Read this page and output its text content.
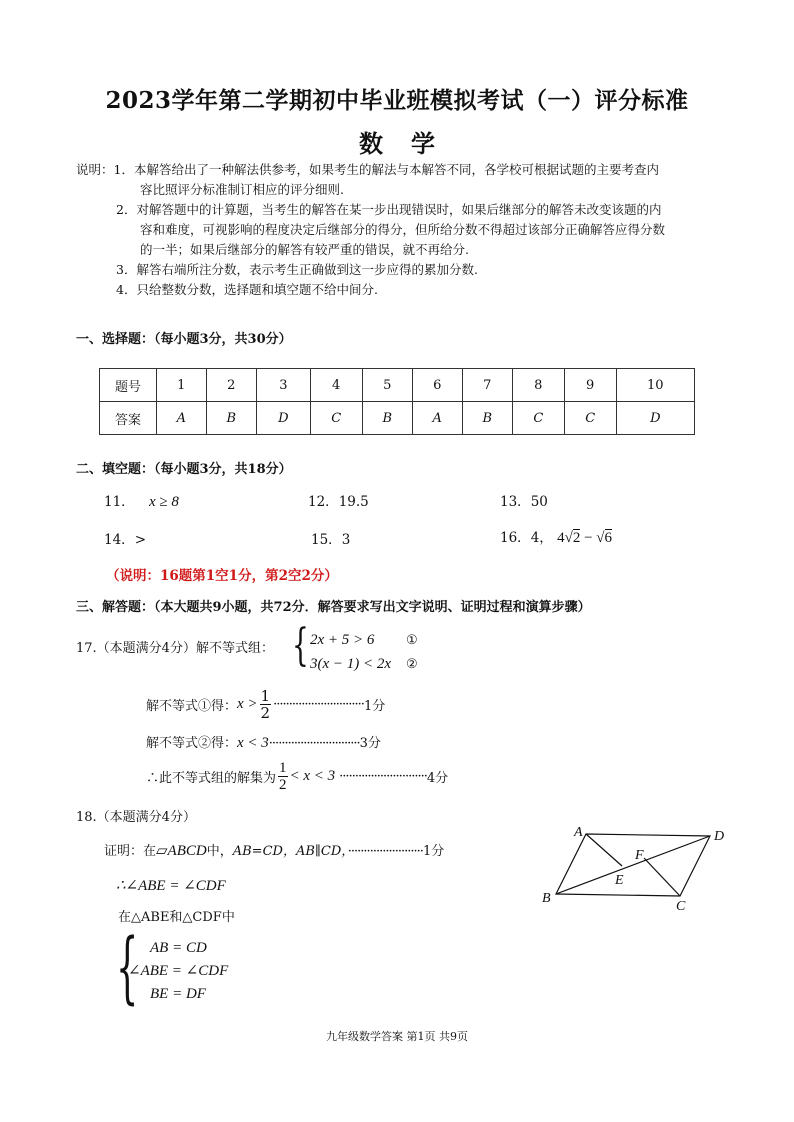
2023学年第二学期初中毕业班模拟考试（一）评分标准
数学
说明：1．本解答给出了一种解法供参考，如果考生的解法与本解答不同，各学校可根据试题的主要考查内
容比照评分标准制订相应的评分细则.
2．对解答题中的计算题，当考生的解答在某一步出现错误时，如果后继部分的解答未改变该题的内
容和难度，可视影响的程度决定后继部分的得分，但所给分数不得超过该部分正确解答应得分数
的一半；如果后继部分的解答有较严重的错误，就不再给分.
3．解答右端所注分数，表示考生正确做到这一步应得的累加分数.
4．只给整数分数，选择题和填空题不给中间分.
一、选择题：（每小题3分，共30分）
题号	1	2	3	4	5	6	7	8	9	10
答案	A	B	D	C	B	A	B	C	C	D
二、填空题：（每小题3分，共18分）
11． x ≥ 8	12．19.5	13．50
14．>	15．3	16．4， 4√2 − √6
（说明：16题第1空1分，第2空2分）
三、解答题：（本大题共9小题，共72分．解答要求写出文字说明、证明过程和演算步骤）
17.（本题满分4分）解不等式组： { 2x + 5 > 6 ①
3(x − 1) < 2x ②
解不等式①得： $x > \frac{1}{2}$ ····························· 1分
解不等式②得：x < 3·····························3分
∴此不等式组的解集为 $\frac{1}{2} < x < 3$ ···························· 4分
18.（本题满分4分）
证明：在▱ABCD中，AB=CD，AB∥CD，························1分
∴∠ABE = ∠CDF
在△ABE和△CDF中
{ AB = CD
∠ABE = ∠CDF
BE = DF
A	D
B
C
E
F
九年级数学答案 第1页 共9页
